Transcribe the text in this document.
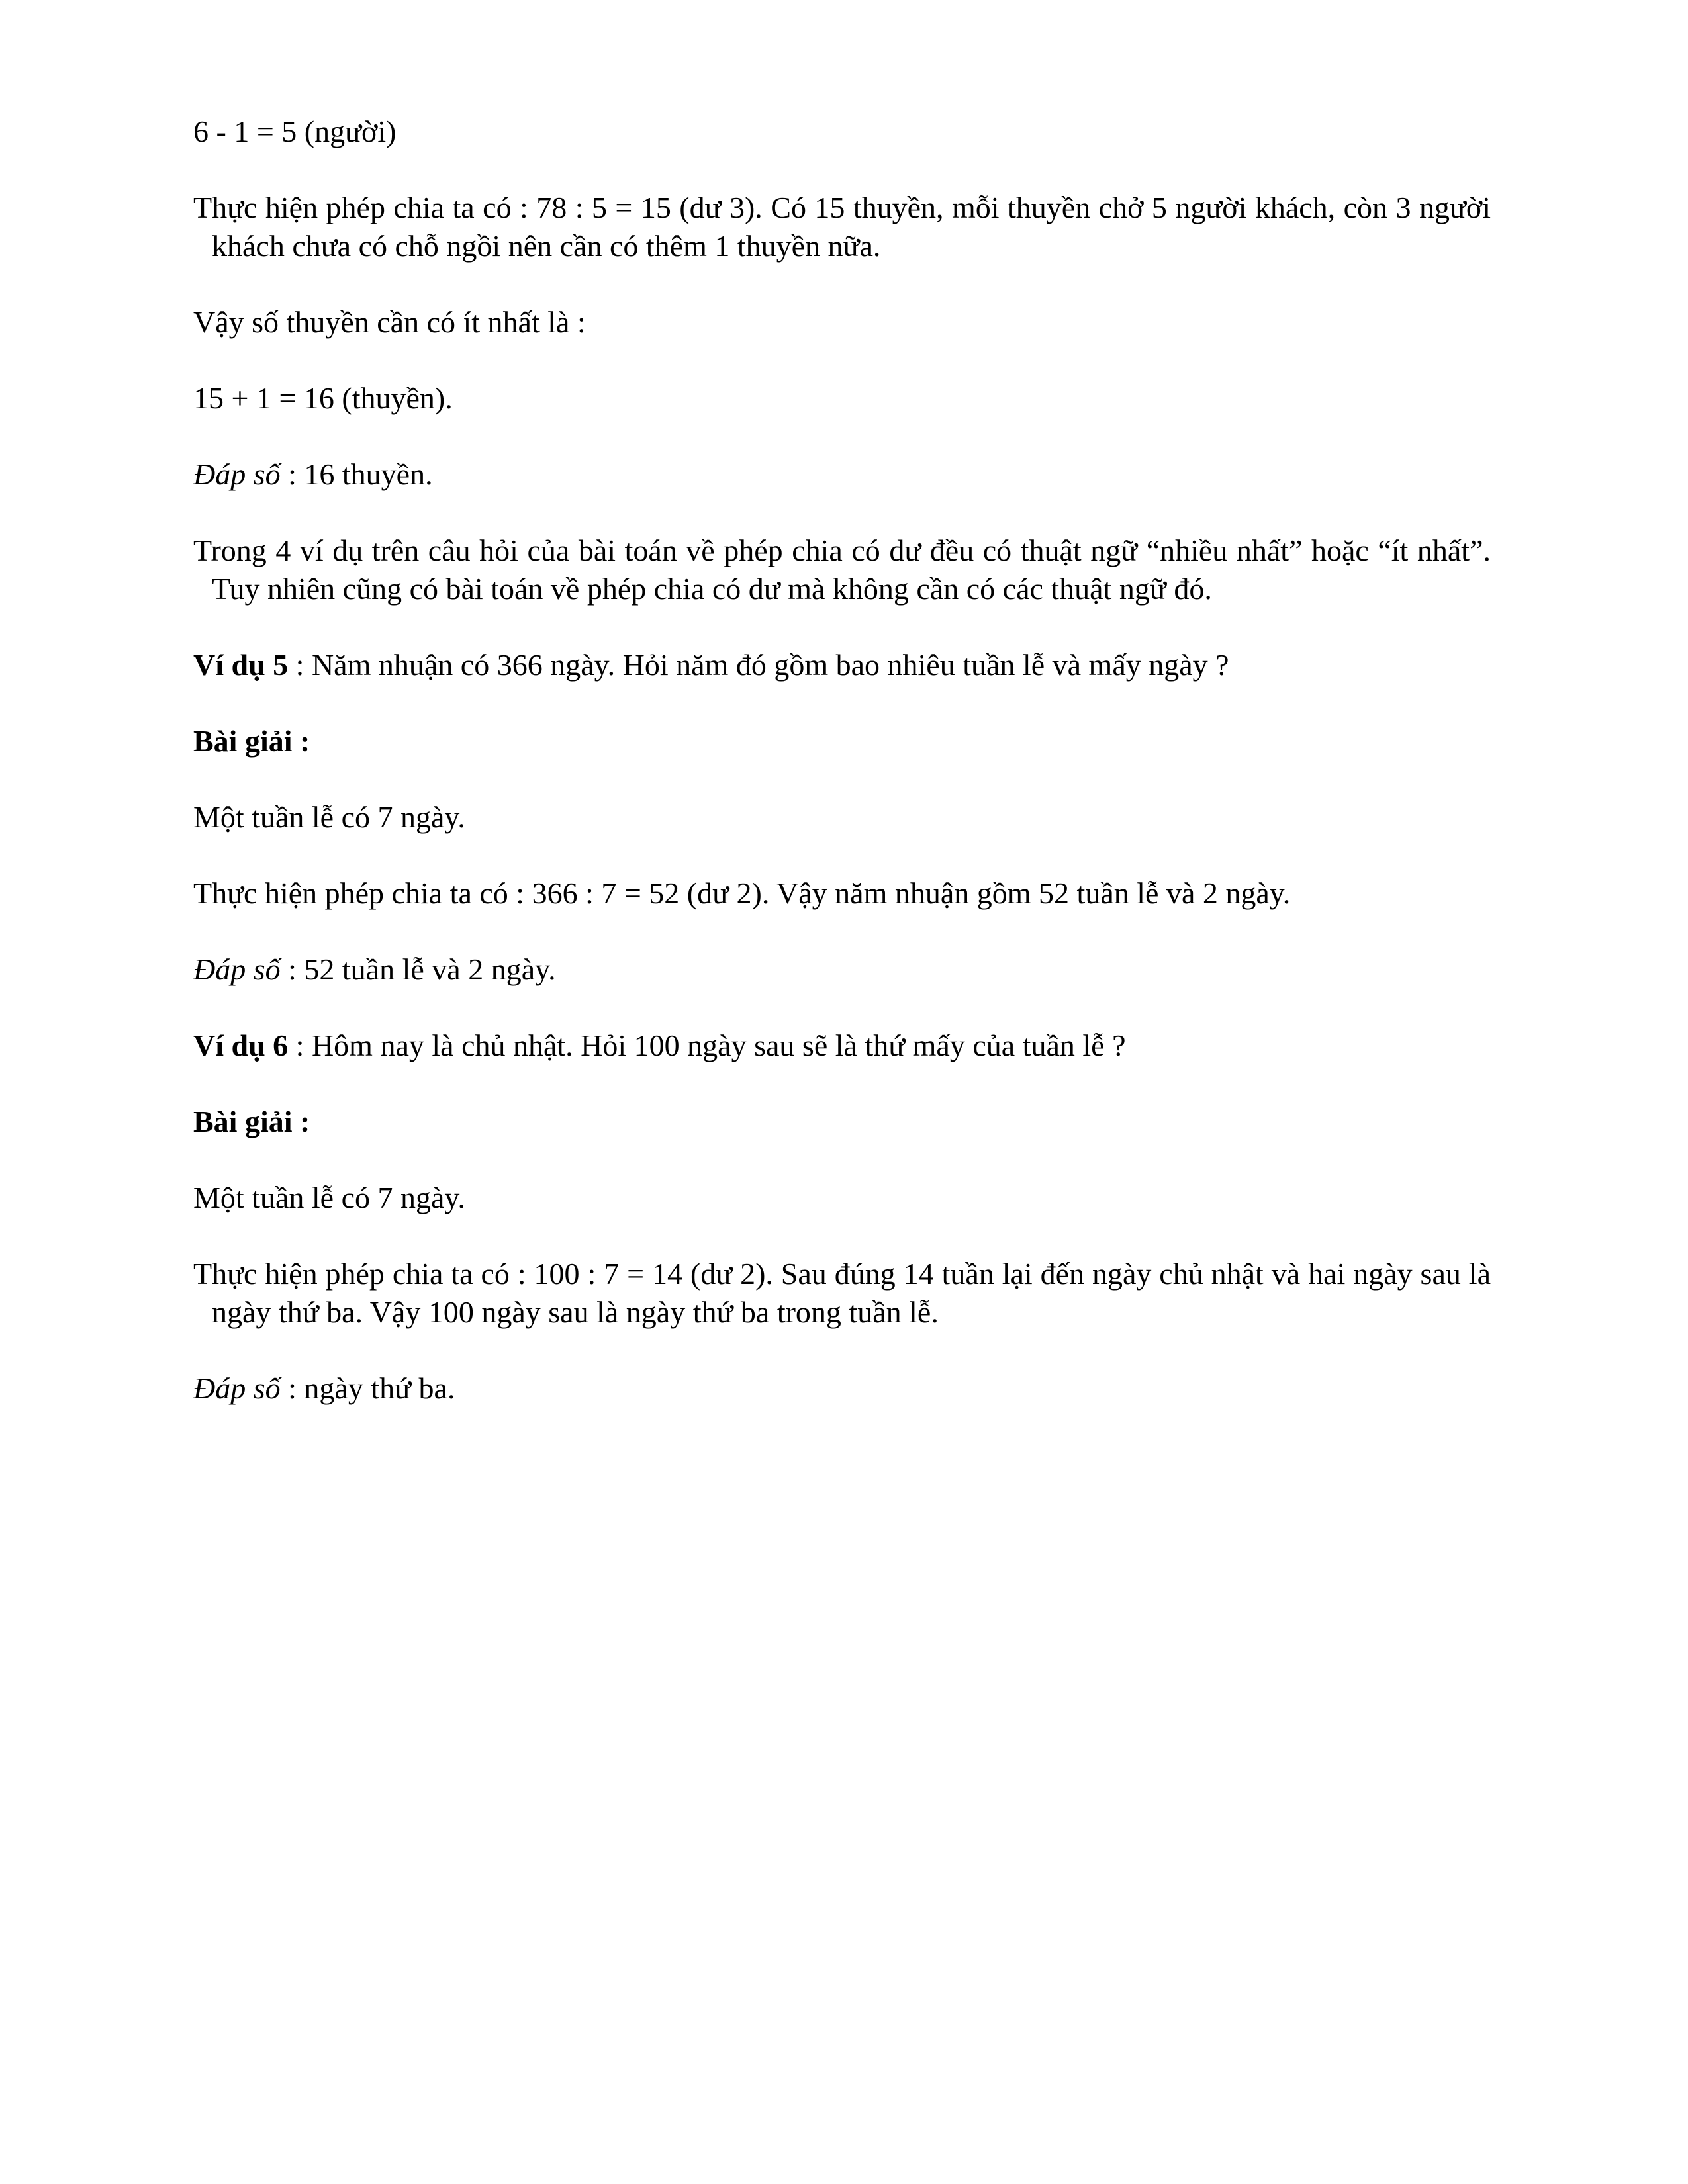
6 - 1 = 5 (người)

Thực hiện phép chia ta có : 78 : 5 = 15 (dư 3). Có 15 thuyền, mỗi thuyền chở 5 người khách, còn 3 người khách chưa có chỗ ngồi nên cần có thêm 1 thuyền nữa.

Vậy số thuyền cần có ít nhất là :

15 + 1 = 16 (thuyền).

Đáp số : 16 thuyền.

Trong 4 ví dụ trên câu hỏi của bài toán về phép chia có dư đều có thuật ngữ “nhiều nhất” hoặc “ít nhất”. Tuy nhiên cũng có bài toán về phép chia có dư mà không cần có các thuật ngữ đó.

Ví dụ 5 : Năm nhuận có 366 ngày. Hỏi năm đó gồm bao nhiêu tuần lễ và mấy ngày ?

Bài giải :

Một tuần lễ có 7 ngày.

Thực hiện phép chia ta có : 366 : 7 = 52 (dư 2). Vậy năm nhuận gồm 52 tuần lễ và 2 ngày.

Đáp số : 52 tuần lễ và 2 ngày.

Ví dụ 6 : Hôm nay là chủ nhật. Hỏi 100 ngày sau sẽ là thứ mấy của tuần lễ ?

Bài giải :

Một tuần lễ có 7 ngày.

Thực hiện phép chia ta có : 100 : 7 = 14 (dư 2). Sau đúng 14 tuần lại đến ngày chủ nhật và hai ngày sau là ngày thứ ba. Vậy 100 ngày sau là ngày thứ ba trong tuần lễ.

Đáp số : ngày thứ ba.
